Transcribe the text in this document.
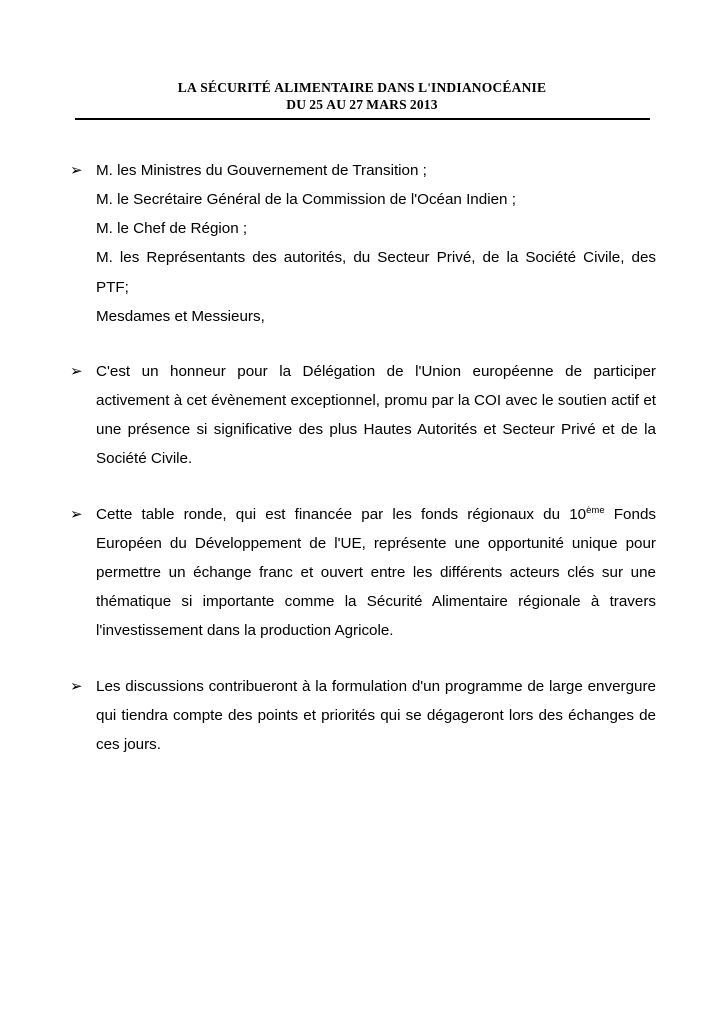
LA SÉCURITÉ ALIMENTAIRE DANS L'INDIANOCÉANIE
DU 25 AU 27 MARS 2013
➢ M. les Ministres du Gouvernement de Transition ;

M. le Secrétaire Général de la Commission de l'Océan Indien ;

M. le Chef de Région ;

M. les Représentants des autorités, du Secteur Privé, de la Société Civile, des PTF;

Mesdames et Messieurs,

➢ C'est un honneur pour la Délégation de l'Union européenne de participer activement à cet évènement exceptionnel, promu par la COI avec le soutien actif et une présence si significative des plus Hautes Autorités et Secteur Privé et de la Société Civile.

➢ Cette table ronde, qui est financée par les fonds régionaux du 10ème Fonds Européen du Développement de l'UE, représente une opportunité unique pour permettre un échange franc et ouvert entre les différents acteurs clés sur une thématique si importante comme la Sécurité Alimentaire régionale à travers l'investissement dans la production Agricole.

➢ Les discussions contribueront à la formulation d'un programme de large envergure qui tiendra compte des points et priorités qui se dégageront lors des échanges de ces jours.
